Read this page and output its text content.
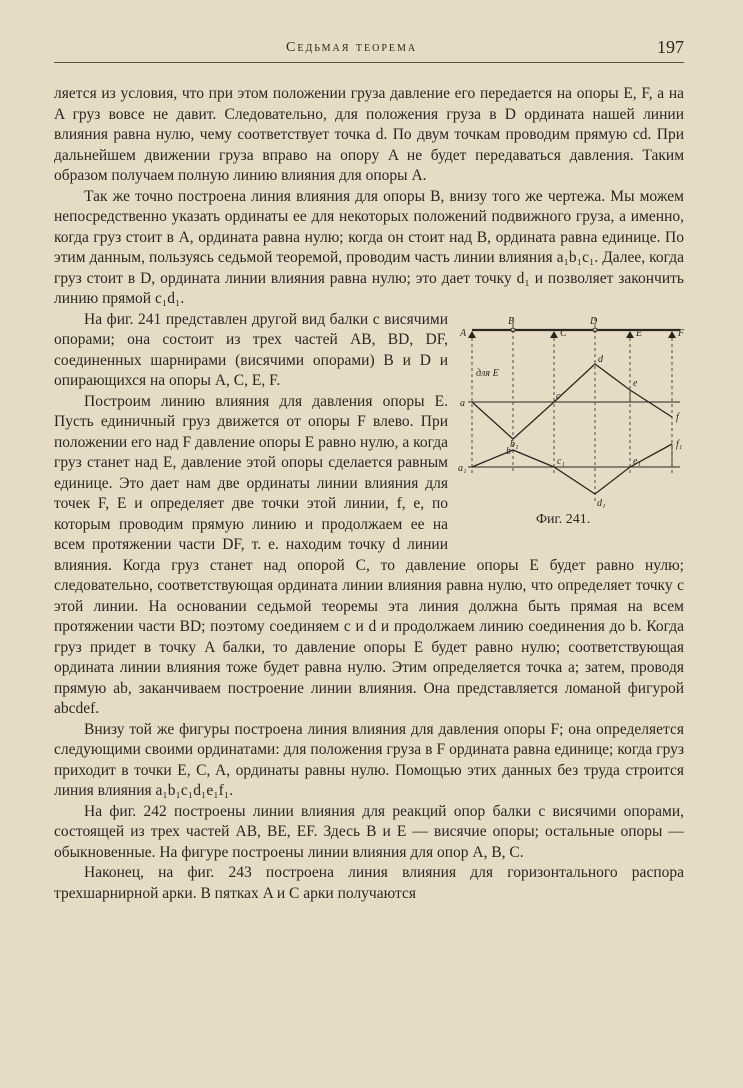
Седьмая теорема	197

ляется из условия, что при этом положении груза давление его передается на опоры E, F, а на A груз вовсе не давит. Следовательно, для положения груза в D ордината нашей линии влияния равна нулю, чему соответствует точка d. По двум точкам проводим прямую cd. При дальнейшем движении груза вправо на опору A не будет передаваться давления. Таким образом получаем полную линию влияния для опоры A.

Так же точно построена линия влияния для опоры B, внизу того же чертежа. Мы можем непосредственно указать ординаты ее для некоторых положений подвижного груза, а именно, когда груз стоит в A, ордината равна нулю; когда он стоит над B, ордината равна единице. По этим данным, пользуясь седьмой теоремой, проводим часть линии влияния a₁b₁c₁. Далее, когда груз стоит в D, ордината линии влияния равна нулю; это дает точку d₁ и позволяет закончить линию прямой c₁d₁.

B	D
A	C	E	F
для E
a
b
c
d
e
f
a₁
b₁
c₁
d₁
e₁
f₁
Фиг. 241.

На фиг. 241 представлен другой вид балки с висячими опорами; она состоит из трех частей AB, BD, DF, соединенных шарнирами (висячими опорами) B и D и опирающихся на опоры A, C, E, F.

Построим линию влияния для давления опоры E. Пусть единичный груз движется от опоры F влево. При положении его над F давление опоры E равно нулю, а когда груз станет над E, давление этой опоры сделается равным единице. Это дает нам две ординаты линии влияния для точек F, E и определяет две точки этой линии, f, e, по которым проводим прямую линию и продолжаем ее на всем протяжении части DF, т. е. находим точку d линии влияния. Когда груз станет над опорой C, то давление опоры E будет равно нулю; следовательно, соответствующая ордината линии влияния равна нулю, что определяет точку c этой линии. На основании седьмой теоремы эта линия должна быть прямая на всем протяжении части BD; поэтому соединяем c и d и продолжаем линию соединения до b. Когда груз придет в точку A балки, то давление опоры E будет равно нулю; соответствующая ордината линии влияния тоже будет равна нулю. Этим определяется точка a; затем, проводя прямую ab, заканчиваем построение линии влияния. Она представляется ломаной фигурой abcdef.

Внизу той же фигуры построена линия влияния для давления опоры F; она определяется следующими своими ординатами: для положения груза в F ордината равна единице; когда груз приходит в точки E, C, A, ординаты равны нулю. Помощью этих данных без труда строится линия влияния a₁b₁c₁d₁e₁f₁.

На фиг. 242 построены линии влияния для реакций опор балки с висячими опорами, состоящей из трех частей AB, BE, EF. Здесь B и E — висячие опоры; остальные опоры — обыкновенные. На фигуре построены линии влияния для опор A, B, C.

Наконец, на фиг. 243 построена линия влияния для горизонтального распора трехшарнирной арки. В пятках A и C арки получаются
